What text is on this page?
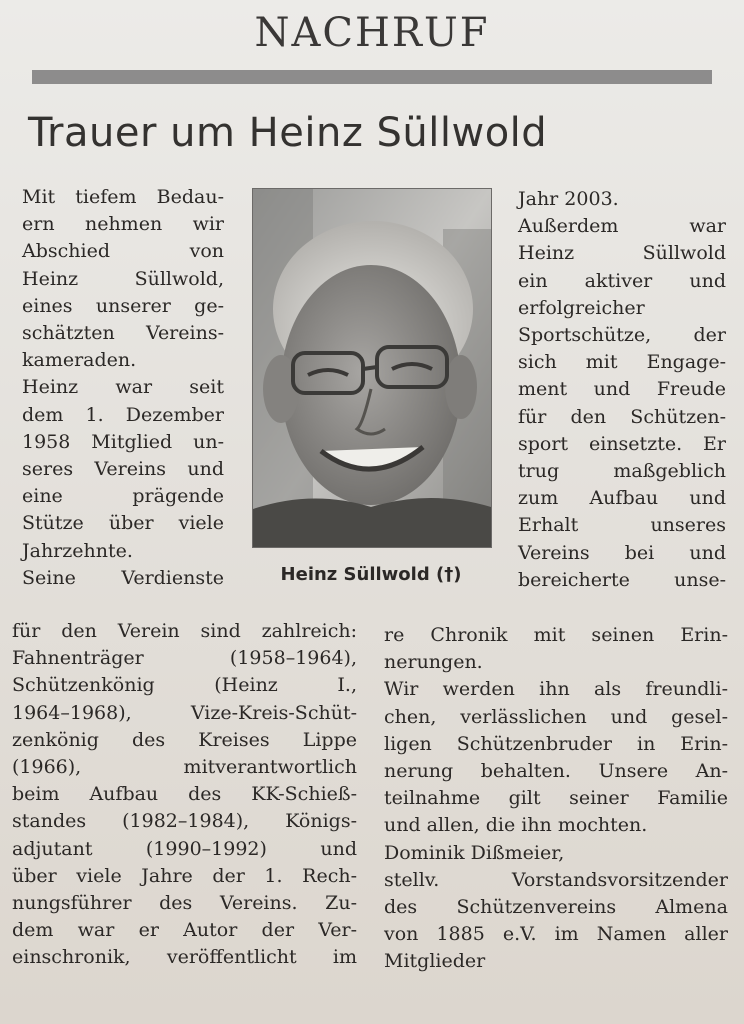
NACHRUF
Trauer um Heinz Süllwold
Mit tiefem Bedau-
ern nehmen wir
Abschied von
Heinz Süllwold,
eines unserer ge-
schätzten Vereins-
kameraden.
Heinz war seit
dem 1. Dezember
1958 Mitglied un-
seres Vereins und
eine prägende
Stütze über viele
Jahrzehnte.
Seine Verdienste	Heinz Süllwold (†)
für den Verein sind zahlreich:
Fahnenträger (1958–1964),
Schützenkönig (Heinz I.,
1964–1968), Vize-Kreis-Schüt-
zenkönig des Kreises Lippe
(1966), mitverantwortlich
beim Aufbau des KK-Schieß-
standes (1982–1984), Königs-
adjutant (1990–1992) und
über viele Jahre der 1. Rech-
nungsführer des Vereins. Zu-
dem war er Autor der Ver-
einschronik, veröffentlicht im
Jahr 2003.
Außerdem war
Heinz Süllwold
ein aktiver und
erfolgreicher
Sportschütze, der
sich mit Engage-
ment und Freude
für den Schützen-
sport einsetzte. Er
trug maßgeblich
zum Aufbau und
Erhalt unseres
Vereins bei und
bereicherte unse-
re Chronik mit seinen Erin-
nerungen.
Wir werden ihn als freundli-
chen, verlässlichen und gesel-
ligen Schützenbruder in Erin-
nerung behalten. Unsere An-
teilnahme gilt seiner Familie
und allen, die ihn mochten.
Dominik Dißmeier,
stellv. Vorstandsvorsitzender
des Schützenvereins Almena
von 1885 e.V. im Namen aller
Mitglieder
